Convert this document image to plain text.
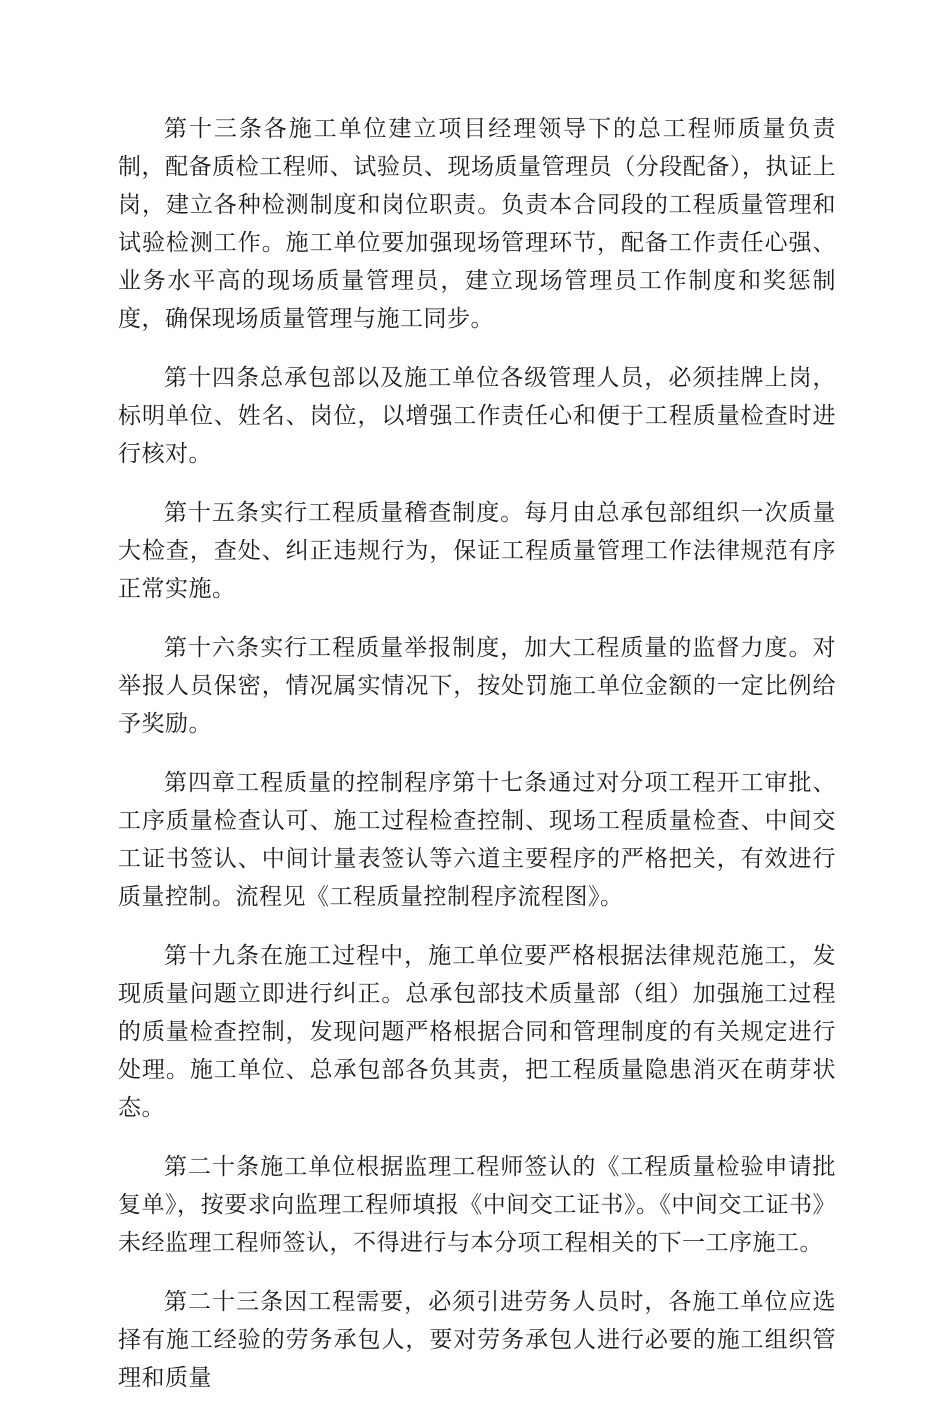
第十三条各施工单位建立项目经理领导下的总工程师质量负责制，配备质检工程师、试验员、现场质量管理员（分段配备），执证上岗，建立各种检测制度和岗位职责。负责本合同段的工程质量管理和试验检测工作。施工单位要加强现场管理环节，配备工作责任心强、业务水平高的现场质量管理员，建立现场管理员工作制度和奖惩制度，确保现场质量管理与施工同步。

第十四条总承包部以及施工单位各级管理人员，必须挂牌上岗，标明单位、姓名、岗位，以增强工作责任心和便于工程质量检查时进行核对。

第十五条实行工程质量稽查制度。每月由总承包部组织一次质量大检查，查处、纠正违规行为，保证工程质量管理工作法律规范有序正常实施。

第十六条实行工程质量举报制度，加大工程质量的监督力度。对举报人员保密，情况属实情况下，按处罚施工单位金额的一定比例给予奖励。

第四章工程质量的控制程序第十七条通过对分项工程开工审批、工序质量检查认可、施工过程检查控制、现场工程质量检查、中间交工证书签认、中间计量表签认等六道主要程序的严格把关，有效进行质量控制。流程见《工程质量控制程序流程图》。

第十九条在施工过程中，施工单位要严格根据法律规范施工，发现质量问题立即进行纠正。总承包部技术质量部（组）加强施工过程的质量检查控制，发现问题严格根据合同和管理制度的有关规定进行处理。施工单位、总承包部各负其责，把工程质量隐患消灭在萌芽状态。

第二十条施工单位根据监理工程师签认的《工程质量检验申请批复单》，按要求向监理工程师填报《中间交工证书》。《中间交工证书》未经监理工程师签认，不得进行与本分项工程相关的下一工序施工。

第二十三条因工程需要，必须引进劳务人员时，各施工单位应选择有施工经验的劳务承包人，要对劳务承包人进行必要的施工组织管理和质量
